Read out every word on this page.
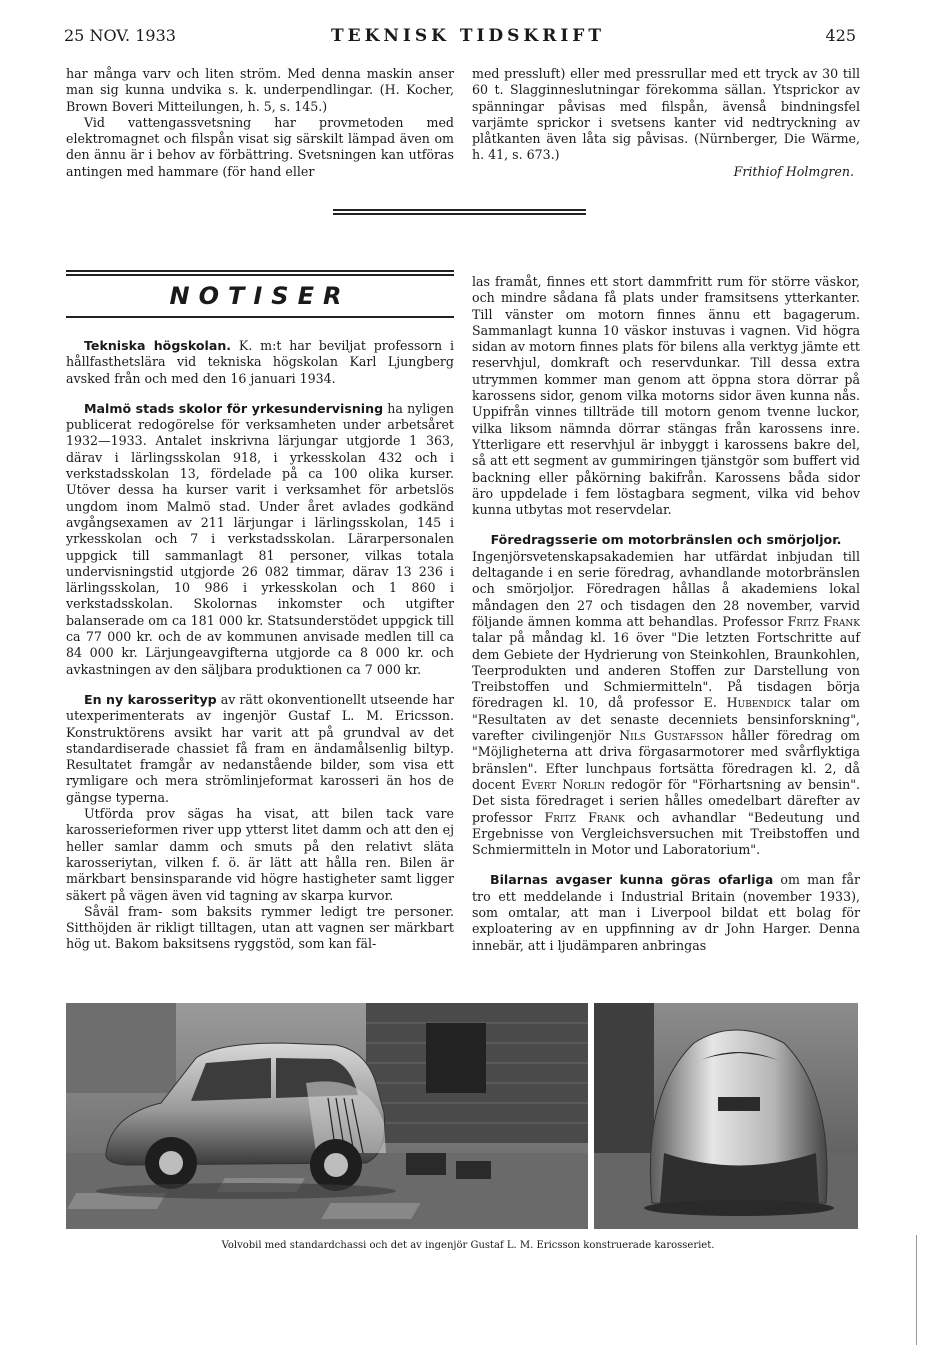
25 NOV. 1933	TEKNISK TIDSKRIFT	425

har många varv och liten ström. Med denna maskin anser man sig kunna undvika s. k. underpendlingar. (H. Kocher, Brown Boveri Mitteilungen, h. 5, s. 145.)

Vid vattengassvetsning har provmetoden med elektromagnet och filspån visat sig särskilt lämpad även om den ännu är i behov av förbättring. Svetsningen kan utföras antingen med hammare (för hand eller

med pressluft) eller med pressrullar med ett tryck av 30 till 60 t. Slagginneslutningar förekomma sällan. Ytsprickor av spänningar påvisas med filspån, ävenså bindningsfel varjämte sprickor i svetsens kanter vid nedtryckning av plåtkanten även låta sig påvisas. (Nürnberger, Die Wärme, h. 41, s. 673.)

Frithiof Holmgren.

NOTISER

Tekniska högskolan. K. m:t har beviljat professorn i hållfasthetslära vid tekniska högskolan Karl Ljungberg avsked från och med den 16 januari 1934.

Malmö stads skolor för yrkesundervisning ha nyligen publicerat redogörelse för verksamheten under arbetsåret 1932—1933. Antalet inskrivna lärjungar utgjorde 1 363, därav i lärlingsskolan 918, i yrkesskolan 432 och i verkstadsskolan 13, fördelade på ca 100 olika kurser. Utöver dessa ha kurser varit i verksamhet för arbetslös ungdom inom Malmö stad. Under året avlades godkänd avgångsexamen av 211 lärjungar i lärlingsskolan, 145 i yrkesskolan och 7 i verkstadsskolan. Lärarpersonalen uppgick till sammanlagt 81 personer, vilkas totala undervisningstid utgjorde 26 082 timmar, därav 13 236 i lärlingsskolan, 10 986 i yrkesskolan och 1 860 i verkstadsskolan. Skolornas inkomster och utgifter balanserade om ca 181 000 kr. Statsunderstödet uppgick till ca 77 000 kr. och de av kommunen anvisade medlen till ca 84 000 kr. Lärjungeavgifterna utgjorde ca 8 000 kr. och avkastningen av den säljbara produktionen ca 7 000 kr.

En ny karosserityp av rätt okonventionellt utseende har utexperimenterats av ingenjör Gustaf L. M. Ericsson. Konstruktörens avsikt har varit att på grundval av det standardiserade chassiet få fram en ändamålsenlig biltyp. Resultatet framgår av nedanstående bilder, som visa ett rymligare och mera strömlinjeformat karosseri än hos de gängse typerna.

Utförda prov sägas ha visat, att bilen tack vare karosserieformen river upp ytterst litet damm och att den ej heller samlar damm och smuts på den relativt släta karosseriytan, vilken f. ö. är lätt att hålla ren. Bilen är märkbart bensinsparande vid högre hastigheter samt ligger säkert på vägen även vid tagning av skarpa kurvor.

Såväl fram- som baksits rymmer ledigt tre personer. Sitthöjden är rikligt tilltagen, utan att vagnen ser märkbart hög ut. Bakom baksitsens ryggstöd, som kan fäl-

las framåt, finnes ett stort dammfritt rum för större väskor, och mindre sådana få plats under framsitsens ytterkanter. Till vänster om motorn finnes ännu ett bagagerum. Sammanlagt kunna 10 väskor instuvas i vagnen. Vid högra sidan av motorn finnes plats för bilens alla verktyg jämte ett reservhjul, domkraft och reservdunkar. Till dessa extra utrymmen kommer man genom att öppna stora dörrar på karossens sidor, genom vilka motorns sidor även kunna nås. Uppifrån vinnes tillträde till motorn genom tvenne luckor, vilka liksom nämnda dörrar stängas från karossens inre. Ytterligare ett reservhjul är inbyggt i karossens bakre del, så att ett segment av gummiringen tjänstgör som buffert vid backning eller påkörning bakifrån. Karossens båda sidor äro uppdelade i fem löstagbara segment, vilka vid behov kunna utbytas mot reservdelar.

Föredragsserie om motorbränslen och smörjoljor.
Ingenjörsvetenskapsakademien har utfärdat inbjudan till deltagande i en serie föredrag, avhandlande motorbränslen och smörjoljor. Föredragen hållas å akademiens lokal måndagen den 27 och tisdagen den 28 november, varvid följande ämnen komma att behandlas. Professor Fritz Frank talar på måndag kl. 16 över "Die letzten Fortschritte auf dem Gebiete der Hydrierung von Steinkohlen, Braunkohlen, Teerprodukten und anderen Stoffen zur Darstellung von Treibstoffen und Schmiermitteln". På tisdagen börja föredragen kl. 10, då professor E. Hubendick talar om "Resultaten av det senaste decenniets bensinforskning", varefter civilingenjör Nils Gustafsson håller föredrag om "Möjligheterna att driva förgasarmotorer med svårflyktiga bränslen". Efter lunchpaus fortsätta föredragen kl. 2, då docent Evert Norlin redogör för "Förhartsning av bensin". Det sista föredraget i serien hålles omedelbart därefter av professor Fritz Frank och avhandlar "Bedeutung und Ergebnisse von Vergleichsversuchen mit Treibstoffen und Schmiermitteln in Motor und Laboratorium".

Bilarnas avgaser kunna göras ofarliga om man får tro ett meddelande i Industrial Britain (november 1933), som omtalar, att man i Liverpool bildat ett bolag för exploatering av en uppfinning av dr John Harger. Denna innebär, att i ljudämparen anbringas

Volvobil med standardchassi och det av ingenjör Gustaf L. M. Ericsson konstruerade karosseriet.
